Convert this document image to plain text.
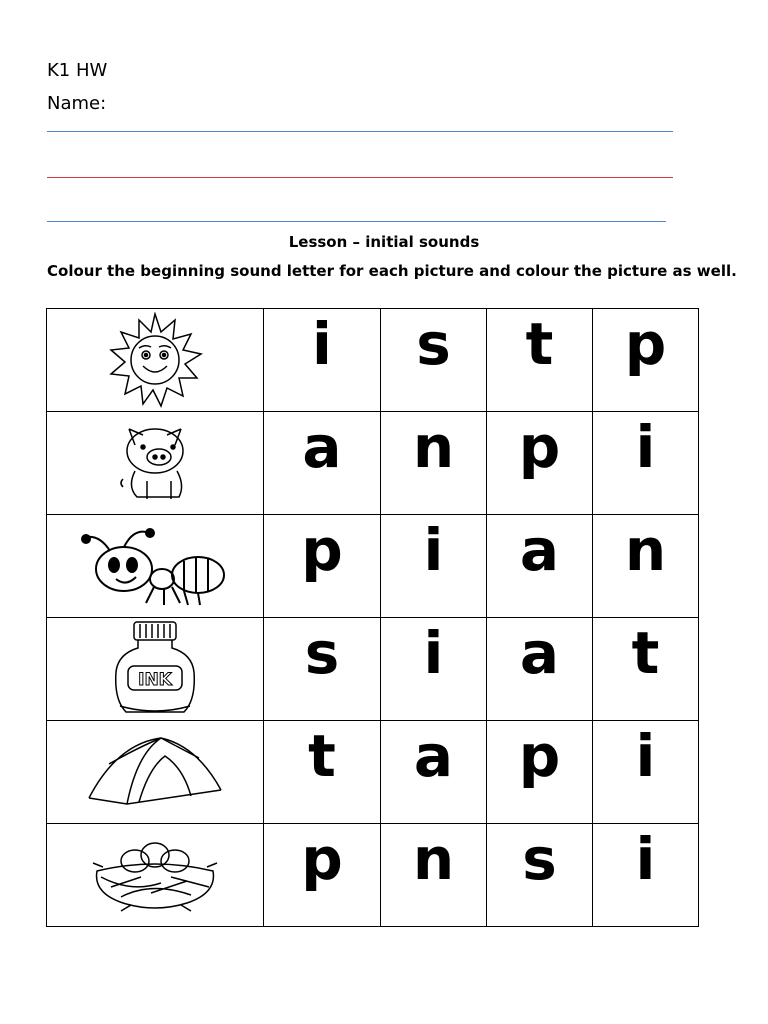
K1 HW
Name:
Lesson – initial sounds
Colour the beginning sound letter for each picture and colour the picture as well.
	i	s	t	p

	a	n	p	i

	p	i	a	n

INK	s	i	a	t

	t	a	p	i

	p	n	s	i
